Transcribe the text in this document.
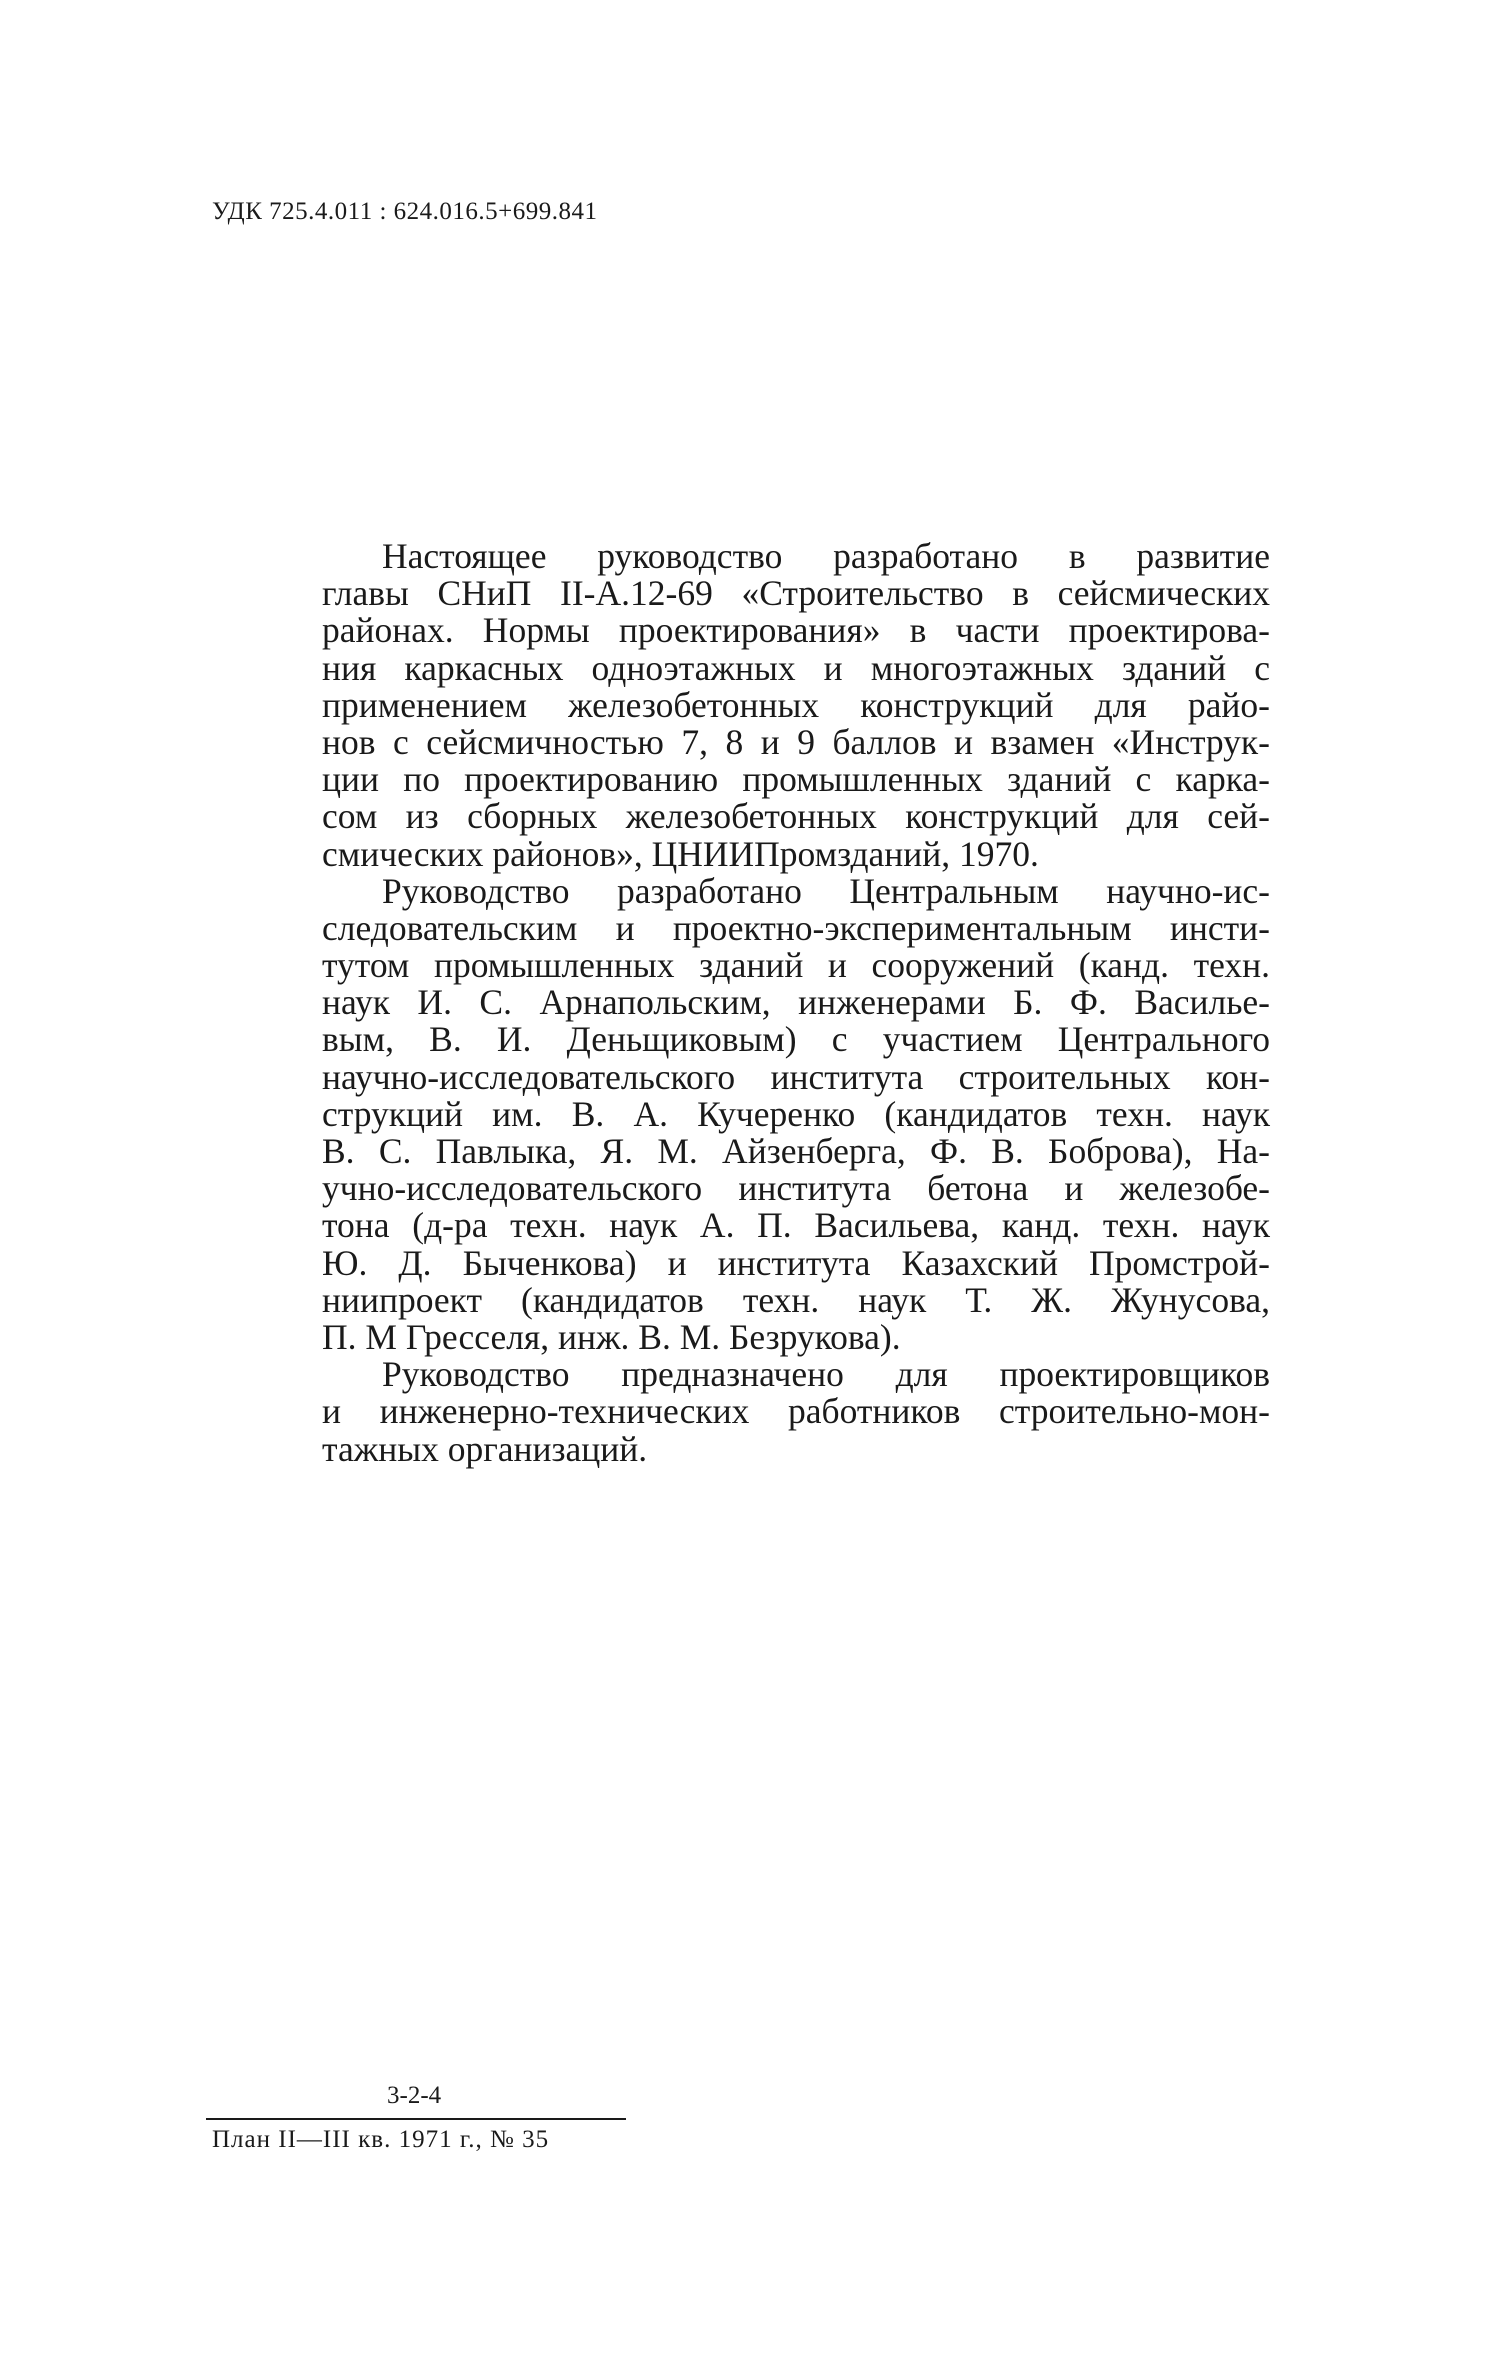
УДК 725.4.011 : 624.016.5+699.841
Настоящее руководство разработано в развитие
главы СНиП II-А.12-69 «Строительство в сейсмических
районах. Нормы проектирования» в части проектирова-
ния каркасных одноэтажных и многоэтажных зданий с
применением железобетонных конструкций для райо-
нов с сейсмичностью 7, 8 и 9 баллов и взамен «Инструк-
ции по проектированию промышленных зданий с карка-
сом из сборных железобетонных конструкций для сей-
смических районов», ЦНИИПромзданий, 1970.
Руководство разработано Центральным научно-ис-
следовательским и проектно-экспериментальным инсти-
тутом промышленных зданий и сооружений (канд. техн.
наук И. С. Арнапольским, инженерами Б. Ф. Василье-
вым, В. И. Деньщиковым) с участием Центрального
научно-исследовательского института строительных кон-
струкций им. В. А. Кучеренко (кандидатов техн. наук
В. С. Павлыка, Я. М. Айзенберга, Ф. В. Боброва), На-
учно-исследовательского института бетона и железобе-
тона (д-ра техн. наук А. П. Васильева, канд. техн. наук
Ю. Д. Быченкова) и института Казахский Промстрой-
ниипроект (кандидатов техн. наук Т. Ж. Жунусова,
П. М Гресселя, инж. В. М. Безрукова).
Руководство предназначено для проектировщиков
и инженерно-технических работников строительно-мон-
тажных организаций.
3-2-4
План II—III кв. 1971 г., № 35
